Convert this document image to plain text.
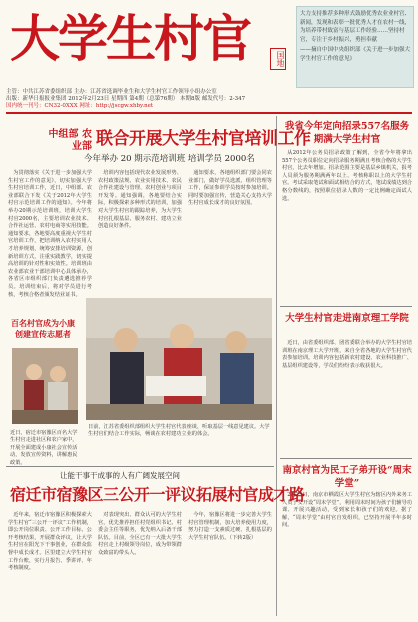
大学生村官	国地
大力支持推荐多种形式鼓励优秀农业业村官、新闻，发现和表彰一批优秀人才在农村一线，为培养带村致富与基层工作经验……坚持村官，专注于乡村振兴，勇担奉献
——摘自中国中央组织部《关于进一步加强大学生村官工作的意见》
主管：中共江苏省委组织部 主办：江苏省选调毕业生和大学生村官工作领导小组办公室
出版：新华日报报业集团 2012年2月23日 星期四 第4期（总第76期） 本期8版 邮发代号：2-347
国内统一刊号：CN32-0XXX 网址：http://jscgw.xhby.net
中组部 农业部 联合开展大学生村官培训工作
今年举办 20 期示范培训班 培训学员 2000名

为贯彻落实《关于进一步加强大学生村官工作的意见》，切实加强大学生村官培训工作，近日，中组部、农业部联合下发《关于2012年大学生村官示范培训工作的通知》。今年将举办20期示范培训班，培训大学生村官2000名，主要培训农业技术、合作社运营、农村电商等实用技能。通知要求，各地要高度重视大学生村官培训工作，把培训纳入农村实用人才培养规划，统筹安排培训资源，创新培训方式，注重实践教学，切实提高培训的针对性和实效性。培训班由农业部农业干部培训中心具体承办，各省区市组织部门负责遴选推荐学员。培训结束后，将对学员进行考核，考核合格者颁发结业证书。

培训内容包括现代农业发展形势、农村政策法规、农业实用技术、农民合作社建设与管理、农村创业与项目开发等。通知强调，各地要结合实际，积极探索多种形式的培训，加强对大学生村官的跟踪培养，为大学生村官扎根基层、服务农村、建功立业创造良好条件。

通知要求，各地组织部门要会同农业部门，做好学员选派、组织管理等工作，保证参训学员按时参加培训。同时要加强宣传，营造关心支持大学生村官成长成才的良好氛围。

百名村官成为小康创建宣传志愿者
近日，宿迁市宿豫区百名大学生村官走进社区和农户家中，开展全面建成小康社会宣传活动，发放宣传资料，讲解惠民政策。
日前，江苏省委组织部组织大学生村官代表座谈，听取基层一线意见建议。大学生村官们结合工作实际，畅谈在农村建功立业的体会。
让能干事干成事的人有广阔发展空间
宿迁市宿豫区三公开一评议拓展村官成才路

近年来，宿迁市宿豫区积极探索大学生村官“三公开一评议”工作机制，即公开岗位职责、公开工作目标、公开考核结果，开展群众评议，让大学生村官在阳光下干事创业，在群众监督中成长成才。区里建立大学生村官工作台账，实行月报告、季讲评、年考核制度。

对表现突出、群众认可的大学生村官，优先推荐担任村党组织书记、村委会主任等职务，优先纳入后备干部队伍。目前，全区已有一大批大学生村官走上村级领导岗位，成为带领群众致富的带头人。

今年，宿豫区将进一步完善大学生村官管理机制，加大培养使用力度，努力打造一支素质过硬、扎根基层的大学生村官队伍。（下转2版）

我省今年定向招录557名服务期满大学生村官

从2012年公务员招录政策了解到，全省今年将拿出557个公务员职位定向招录服务期满且考核合格的大学生村官，比去年增加。招录范围主要是基层乡镇机关，报考人员须为服务期满两年以上、考核称职以上的大学生村官。考试采取笔试和面试相结合的方式，笔试成绩达到合格分数线的，按照职位招录人数的一定比例确定面试人选。

大学生村官走进南京理工学院

近日，由省委组织部、团省委联合举办的大学生村官培训班在南京理工大学开班，来自全省各地的大学生村官代表参加培训。培训内容包括新农村建设、农业科技推广、基层组织建设等，学员们纷纷表示收获很大。

南京村官为民工子弟开设“周末学堂”

2月23日，南京市栖霞区大学生村官为辖区内外来务工人员子女开设“周末学堂”，利用周末时间为孩子们辅导功课、开展兴趣活动，受到家长和孩子们的欢迎。据了解，“周末学堂”由村官自发组织，已坚持开展半年多时间。
